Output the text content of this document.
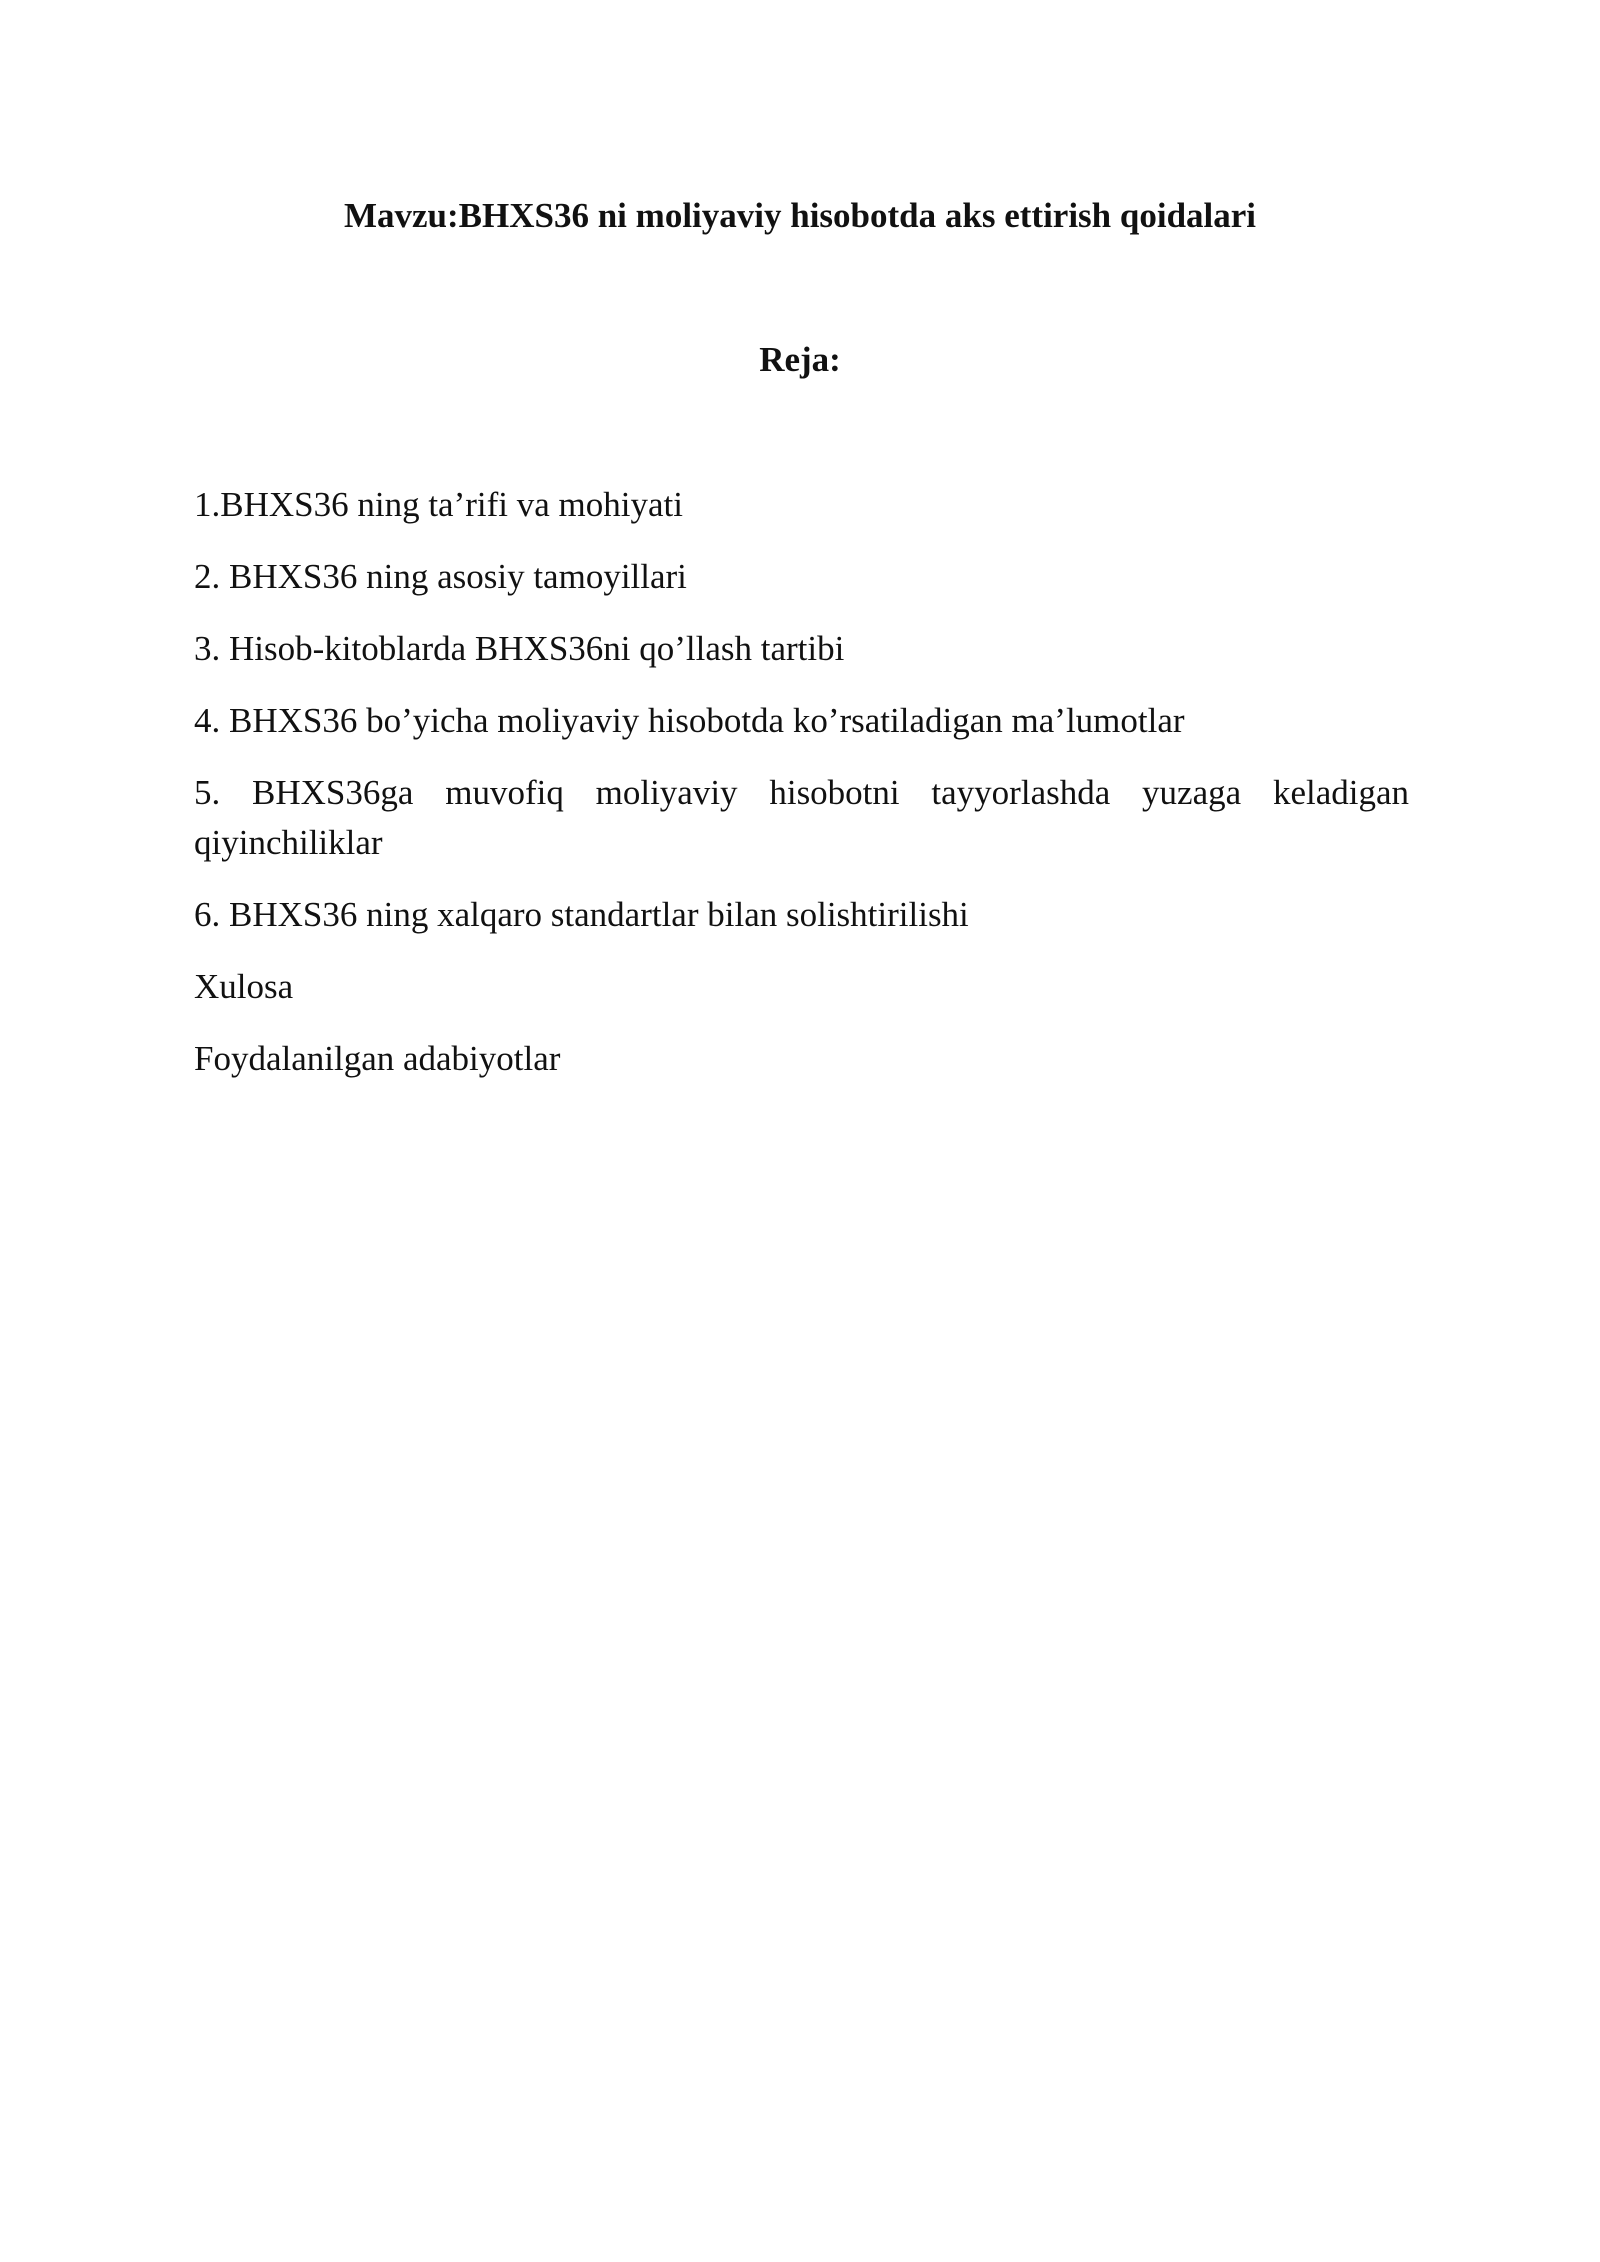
Mavzu:BHXS36 ni moliyaviy hisobotda aks ettirish qoidalari
Reja:
1.BHXS36 ning ta’rifi va mohiyati
2. BHXS36 ning asosiy tamoyillari
3. Hisob-kitoblarda BHXS36ni qo’llash tartibi
4. BHXS36 bo’yicha moliyaviy hisobotda ko’rsatiladigan ma’lumotlar
5. BHXS36ga muvofiq moliyaviy hisobotni tayyorlashda yuzaga keladigan qiyinchiliklar
6. BHXS36 ning xalqaro standartlar bilan solishtirilishi
Xulosa
Foydalanilgan adabiyotlar
